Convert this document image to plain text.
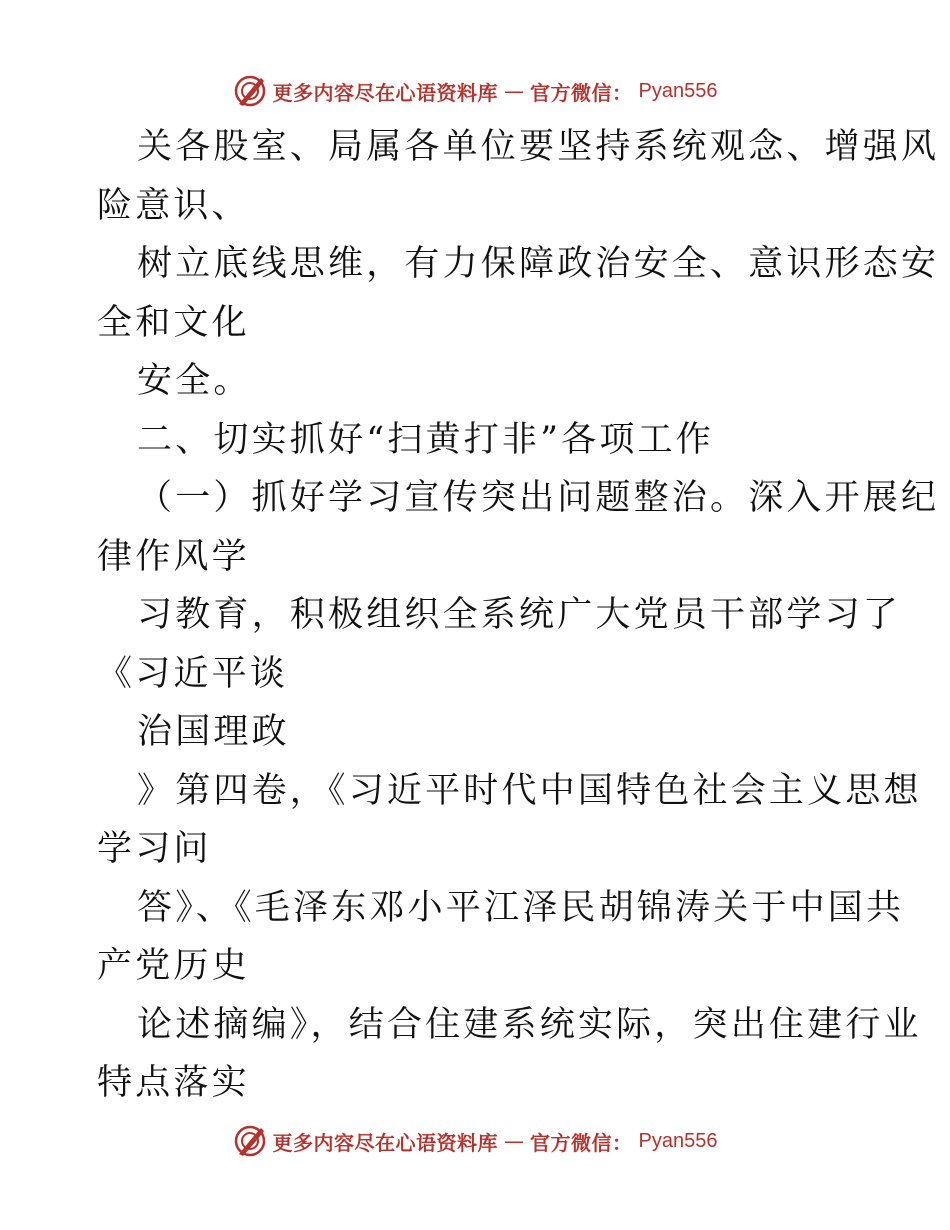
更多内容尽在心语资料库 — 官方微信： Pyan556
关各股室、局属各单位要坚持系统观念、增强风
险意识、
树立底线思维，有力保障政治安全、意识形态安
全和文化
安全。
二、切实抓好“扫黄打非”各项工作
（一）抓好学习宣传突出问题整治。深入开展纪
律作风学
习教育，积极组织全系统广大党员干部学习了
《习近平谈
治国理政
》第四卷，《习近平时代中国特色社会主义思想
学习问
答》、《毛泽东邓小平江泽民胡锦涛关于中国共
产党历史
论述摘编》，结合住建系统实际，突出住建行业
特点落实
更多内容尽在心语资料库 — 官方微信： Pyan556
